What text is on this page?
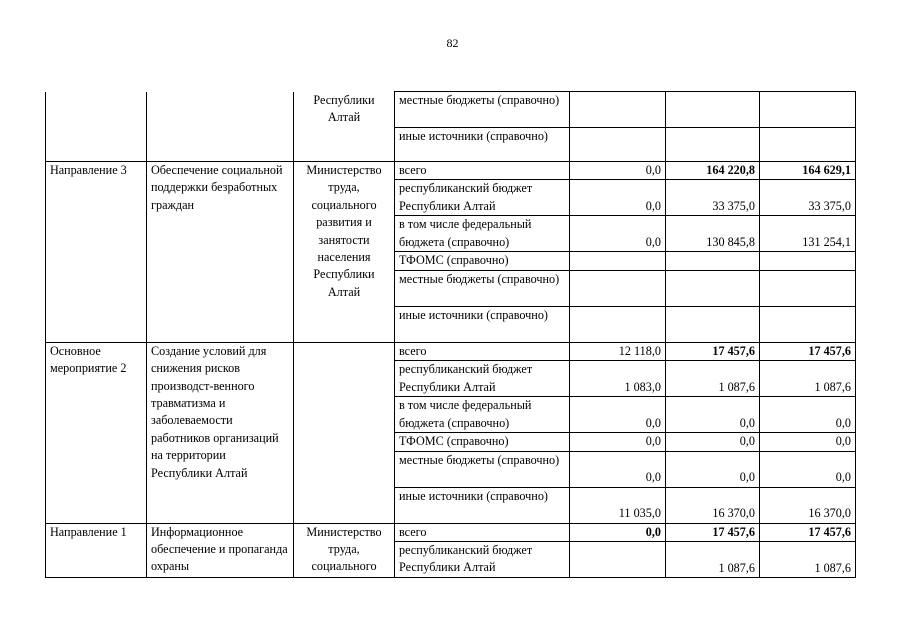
82
		Республики Алтай	местные бюджеты (справочно)			
			иные источники (справочно)			
Направление 3	Обеспечение социальной поддержки безработных граждан	Министерство труда, социального развития и занятости населения Республики Алтай	всего	0,0	164 220,8	164 629,1
			республиканский бюджет Республики Алтай	0,0	33 375,0	33 375,0
			в том числе федеральный бюджета (справочно)	0,0	130 845,8	131 254,1
			ТФОМС (справочно)			
			местные бюджеты (справочно)			
			иные источники (справочно)			
Основное мероприятие 2	Создание условий для снижения рисков производст-венного травматизма и заболеваемости работников организаций на территории Республики Алтай		всего	12 118,0	17 457,6	17 457,6
			республиканский бюджет Республики Алтай	1 083,0	1 087,6	1 087,6
			в том числе федеральный бюджета (справочно)	0,0	0,0	0,0
			ТФОМС (справочно)	0,0	0,0	0,0
			местные бюджеты (справочно)	0,0	0,0	0,0
			иные источники (справочно)	11 035,0	16 370,0	16 370,0
Направление 1	Информационное обеспечение и пропаганда охраны	Министерство труда, социального	всего	0,0	17 457,6	17 457,6
			республиканский бюджет Республики Алтай		1 087,6	1 087,6
